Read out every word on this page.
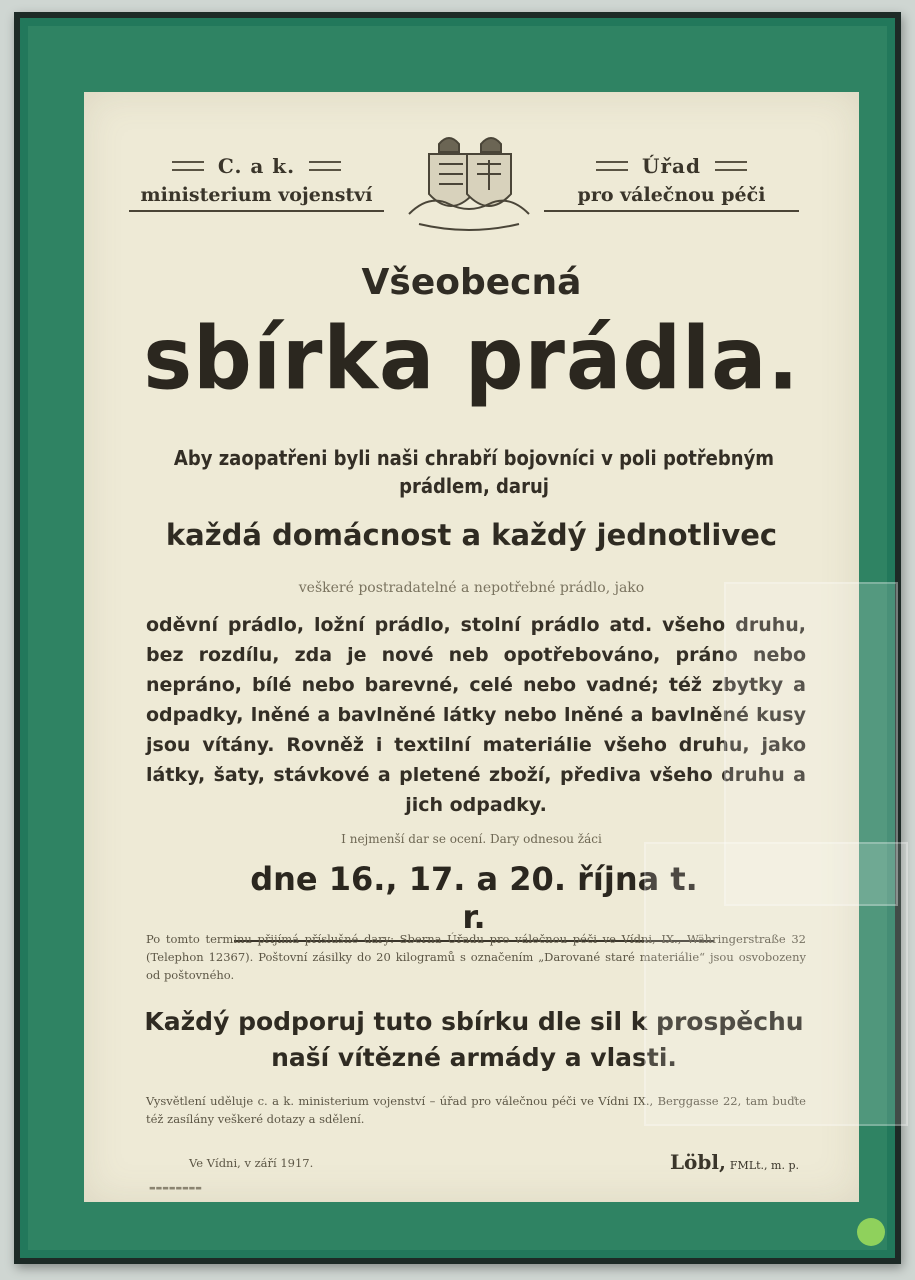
C. a k.
ministerium vojenství
Úřad
pro válečnou péči
Všeobecná
sbírka prádla.
Aby zaopatřeni byli naši chrabří bojovníci v poli potřebným prádlem, daruj
každá domácnost a každý jednotlivec
veškeré postradatelné a nepotřebné prádlo, jako
oděvní prádlo, ložní prádlo, stolní prádlo atd. všeho druhu, bez rozdílu, zda je nové neb opotřebováno, práno nebo nepráno, bílé nebo barevné, celé nebo vadné; též zbytky a odpadky, lněné a bavlněné látky nebo lněné a bavlněné kusy jsou vítány. Rovněž i textilní materiálie všeho druhu, jako látky, šaty, stávkové a pletené zboží, přediva všeho druhu a jich odpadky.
I nejmenší dar se ocení. Dary odnesou žáci
dne 16., 17. a 20. října t. r.
Po tomto terminu přijímá příslušné dary: Sberna Úřadu pro válečnou péči ve Vídni, IX., Währingerstraße 32 (Telephon 12367). Poštovní zásilky do 20 kilogramů s označením „Darované staré materiálie“ jsou osvobozeny od poštovného.
Každý podporuj tuto sbírku dle sil k prospěchu naší vítězné armády a vlasti.
Vysvětlení uděluje c. a k. ministerium vojenství – úřad pro válečnou péči ve Vídni IX., Berggasse 22, tam buďte též zasílány veškeré dotazy a sdělení.
Ve Vídni, v září 1917.	Löbl, FMLt., m. p.
▬▬▬▬▬▬▬▬
